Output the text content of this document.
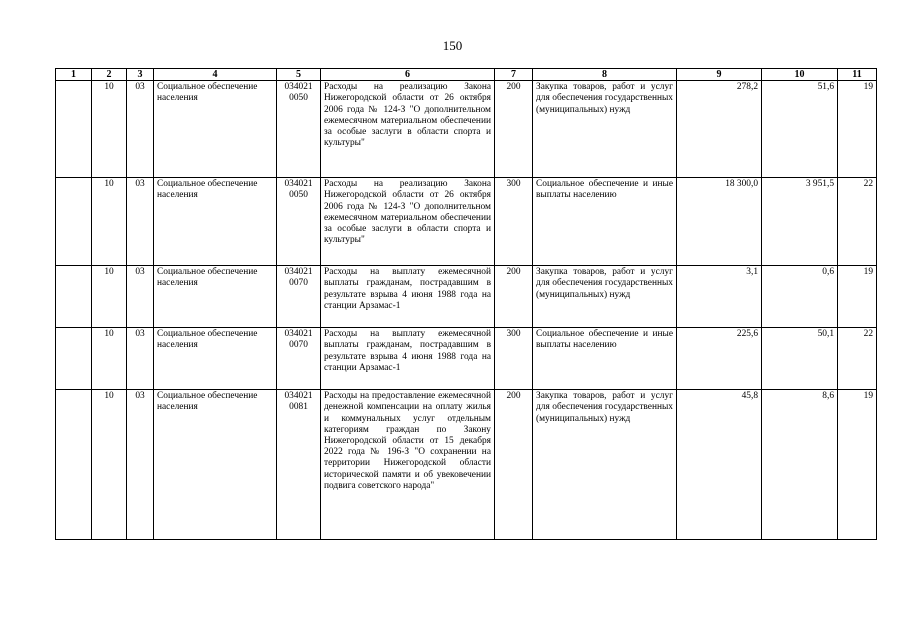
150
1	2	3	4	5	6	7	8	9	10	11
	10	03	Социальное обеспечение населения	034021 0050	Расходы на реализацию Закона Нижегородской области от 26 октября 2006 года № 124-З "О дополнительном ежемесячном материальном обеспечении за особые заслуги в области спорта и культуры"	200	Закупка товаров, работ и услуг для обеспечения государственных (муниципальных) нужд	278,2	51,6	19
	10	03	Социальное обеспечение населения	034021 0050	Расходы на реализацию Закона Нижегородской области от 26 октября 2006 года № 124-З "О дополнительном ежемесячном материальном обеспечении за особые заслуги в области спорта и культуры"	300	Социальное обеспечение и иные выплаты населению	18 300,0	3 951,5	22
	10	03	Социальное обеспечение населения	034021 0070	Расходы на выплату ежемесячной выплаты гражданам, пострадавшим в результате взрыва 4 июня 1988 года на станции Арзамас-1	200	Закупка товаров, работ и услуг для обеспечения государственных (муниципальных) нужд	3,1	0,6	19
	10	03	Социальное обеспечение населения	034021 0070	Расходы на выплату ежемесячной выплаты гражданам, пострадавшим в результате взрыва 4 июня 1988 года на станции Арзамас-1	300	Социальное обеспечение и иные выплаты населению	225,6	50,1	22
	10	03	Социальное обеспечение населения	034021 0081	Расходы на предоставление ежемесячной денежной компенсации на оплату жилья и коммунальных услуг отдельным категориям граждан по Закону Нижегородской области от 15 декабря 2022 года № 196-З "О сохранении на территории Нижегородской области исторической памяти и об увековечении подвига советского народа"	200	Закупка товаров, работ и услуг для обеспечения государственных (муниципальных) нужд	45,8	8,6	19
